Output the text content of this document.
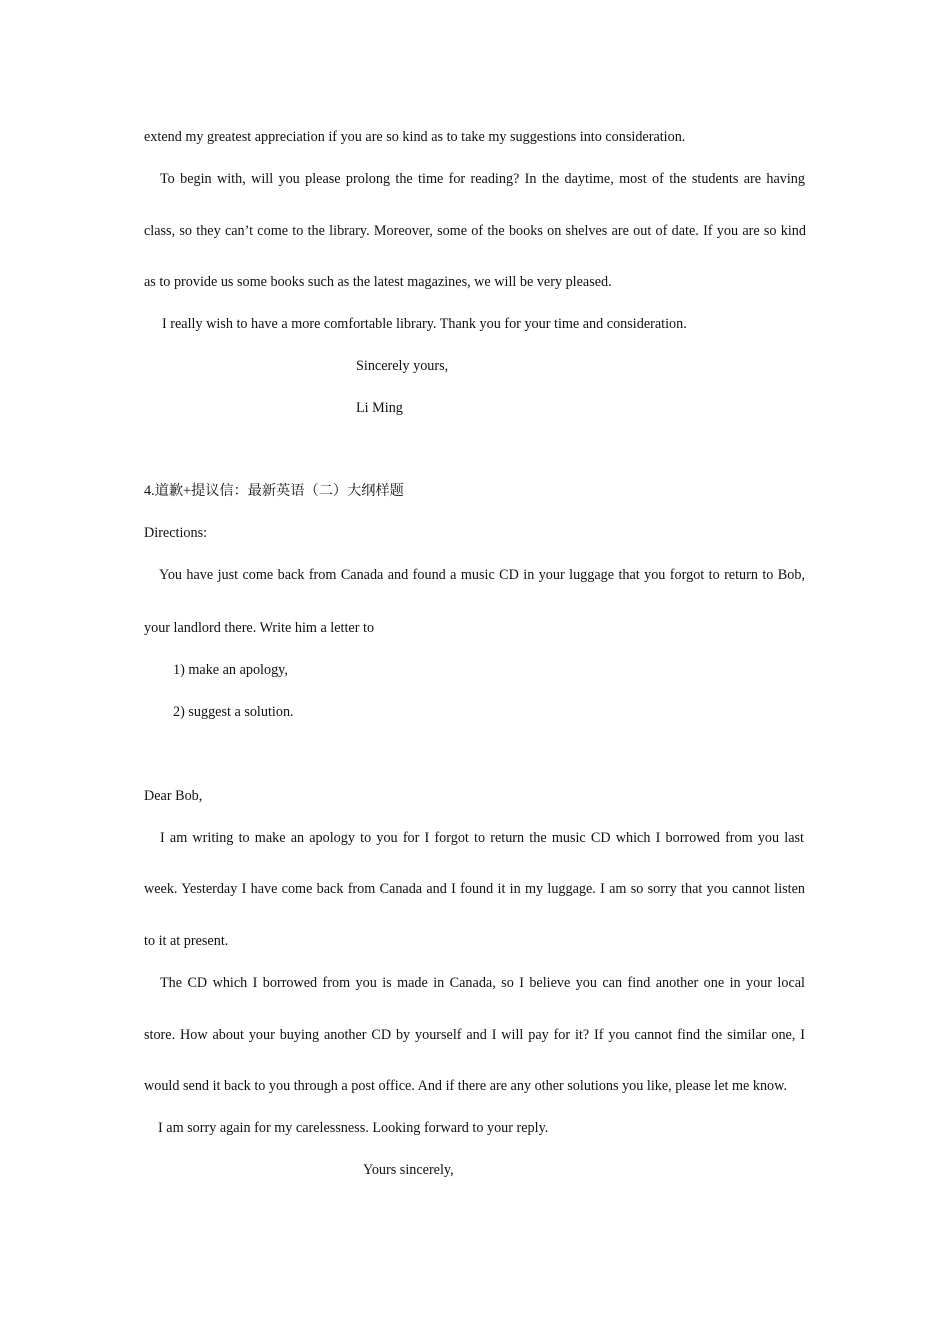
extend my greatest appreciation if you are so kind as to take my suggestions into consideration.
To begin with, will you please prolong the time for reading? In the daytime, most of the students are having
class, so they can’t come to the library. Moreover, some of the books on shelves are out of date. If you are so kind
as to provide us some books such as the latest magazines, we will be very pleased.
I really wish to have a more comfortable library. Thank you for your time and consideration.
Sincerely yours,
Li Ming
4.道歉+提议信：最新英语（二）大纲样题
Directions:
You have just come back from Canada and found a music CD in your luggage that you forgot to return to Bob,
your landlord there. Write him a letter to
1) make an apology,
2) suggest a solution.
Dear Bob,
I am writing to make an apology to you for I forgot to return the music CD which I borrowed from you last
week. Yesterday I have come back from Canada and I found it in my luggage. I am so sorry that you cannot listen
to it at present.
The CD which I borrowed from you is made in Canada, so I believe you can find another one in your local
store. How about your buying another CD by yourself and I will pay for it? If you cannot find the similar one, I
would send it back to you through a post office. And if there are any other solutions you like, please let me know.
I am sorry again for my carelessness. Looking forward to your reply.
Yours sincerely,
